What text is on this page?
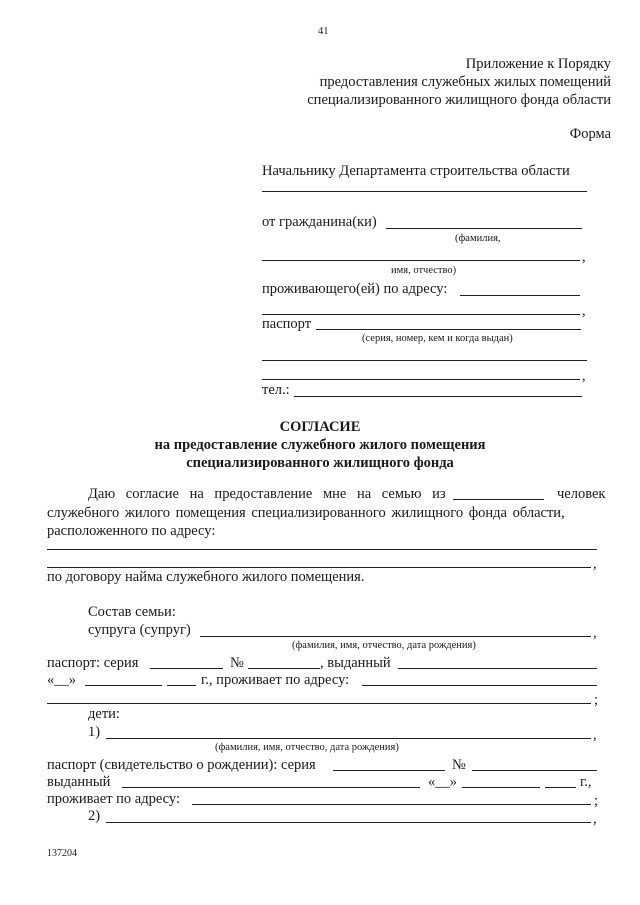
41
Приложение к Порядку
предоставления служебных жилых помещений
специализированного жилищного фонда области
Форма
Начальнику Департамента строительства области
от гражданина(ки)
(фамилия,
,
имя, отчество)
проживающего(ей) по адресу:
,
паспорт
(серия, номер, кем и когда выдан)
,
тел.:
СОГЛАСИЕ
на предоставление служебного жилого помещения
специализированного жилищного фонда
Даю согласие на предоставление мне на семью из	человек
служебного жилого помещения специализированного жилищного фонда области,
расположенного по адресу:
,
по договору найма служебного жилого помещения.
Состав семьи:
супруга (супруг)	,
(фамилия, имя, отчество, дата рождения)
паспорт: серия	№	, выданный
«__»	г., проживает по адресу:
;
дети:
1)	,
(фамилия, имя, отчество, дата рождения)
паспорт (свидетельство о рождении): серия	№
выданный	«__»	г.,
проживает по адресу:	;
2)	,
137204
